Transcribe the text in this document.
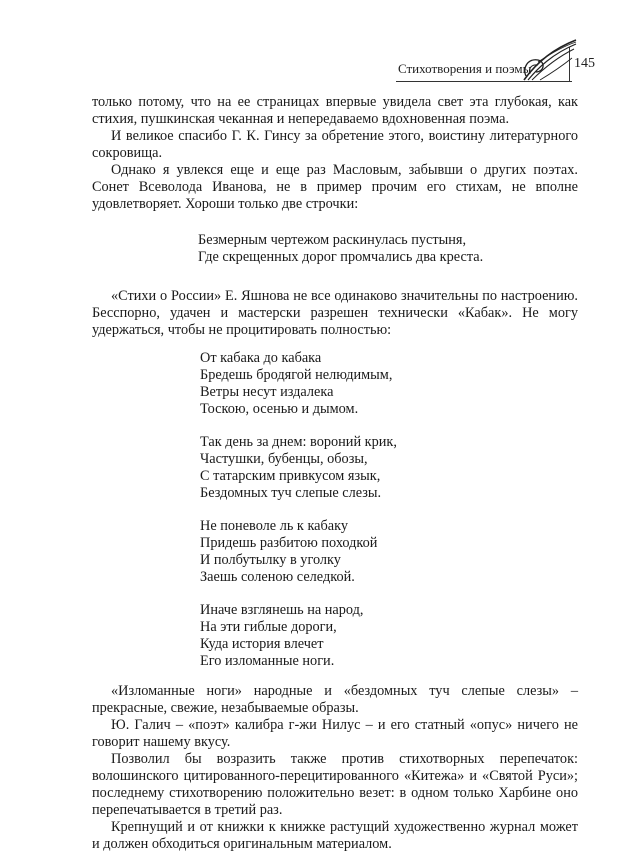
Стихотворения и поэмы	145

только потому, что на ее страницах впервые увидела свет эта глубокая, как стихия, пушкинская чеканная и непередаваемо вдохновенная поэма.

И великое спасибо Г. К. Гинсу за обретение этого, воистину литературного сокровища.

Однако я увлекся еще и еще раз Масловым, забывши о других поэтах. Сонет Всеволода Иванова, не в пример прочим его стихам, не вполне удовлетворяет. Хороши только две строчки:

Безмерным чертежом раскинулась пустыня,
Где скрещенных дорог промчались два креста.

«Стихи о России» Е. Яшнова не все одинаково значительны по настроению. Бесспорно, удачен и мастерски разрешен технически «Кабак». Не могу удержаться, чтобы не процитировать полностью:

От кабака до кабака
Бредешь бродягой нелюдимым,
Ветры несут издалека
Тоскою, осенью и дымом.
Так день за днем: вороний крик,
Частушки, бубенцы, обозы,
С татарским привкусом язык,
Бездомных туч слепые слезы.
Не поневоле ль к кабаку
Придешь разбитою походкой
И полбутылку в уголку
Заешь соленою селедкой.
Иначе взглянешь на народ,
На эти гиблые дороги,
Куда история влечет
Его изломанные ноги.

«Изломанные ноги» народные и «бездомных туч слепые слезы» – прекрасные, свежие, незабываемые образы.

Ю. Галич – «поэт» калибра г-жи Нилус – и его статный «опус» ничего не говорит нашему вкусу.

Позволил бы возразить также против стихотворных перепечаток: волошинского цитированного-перецитированного «Китежа» и «Святой Руси»; последнему стихотворению положительно везет: в одном только Харбине оно перепечатывается в третий раз.

Крепнущий и от книжки к книжке растущий художественно журнал может и должен обходиться оригинальным материалом.
